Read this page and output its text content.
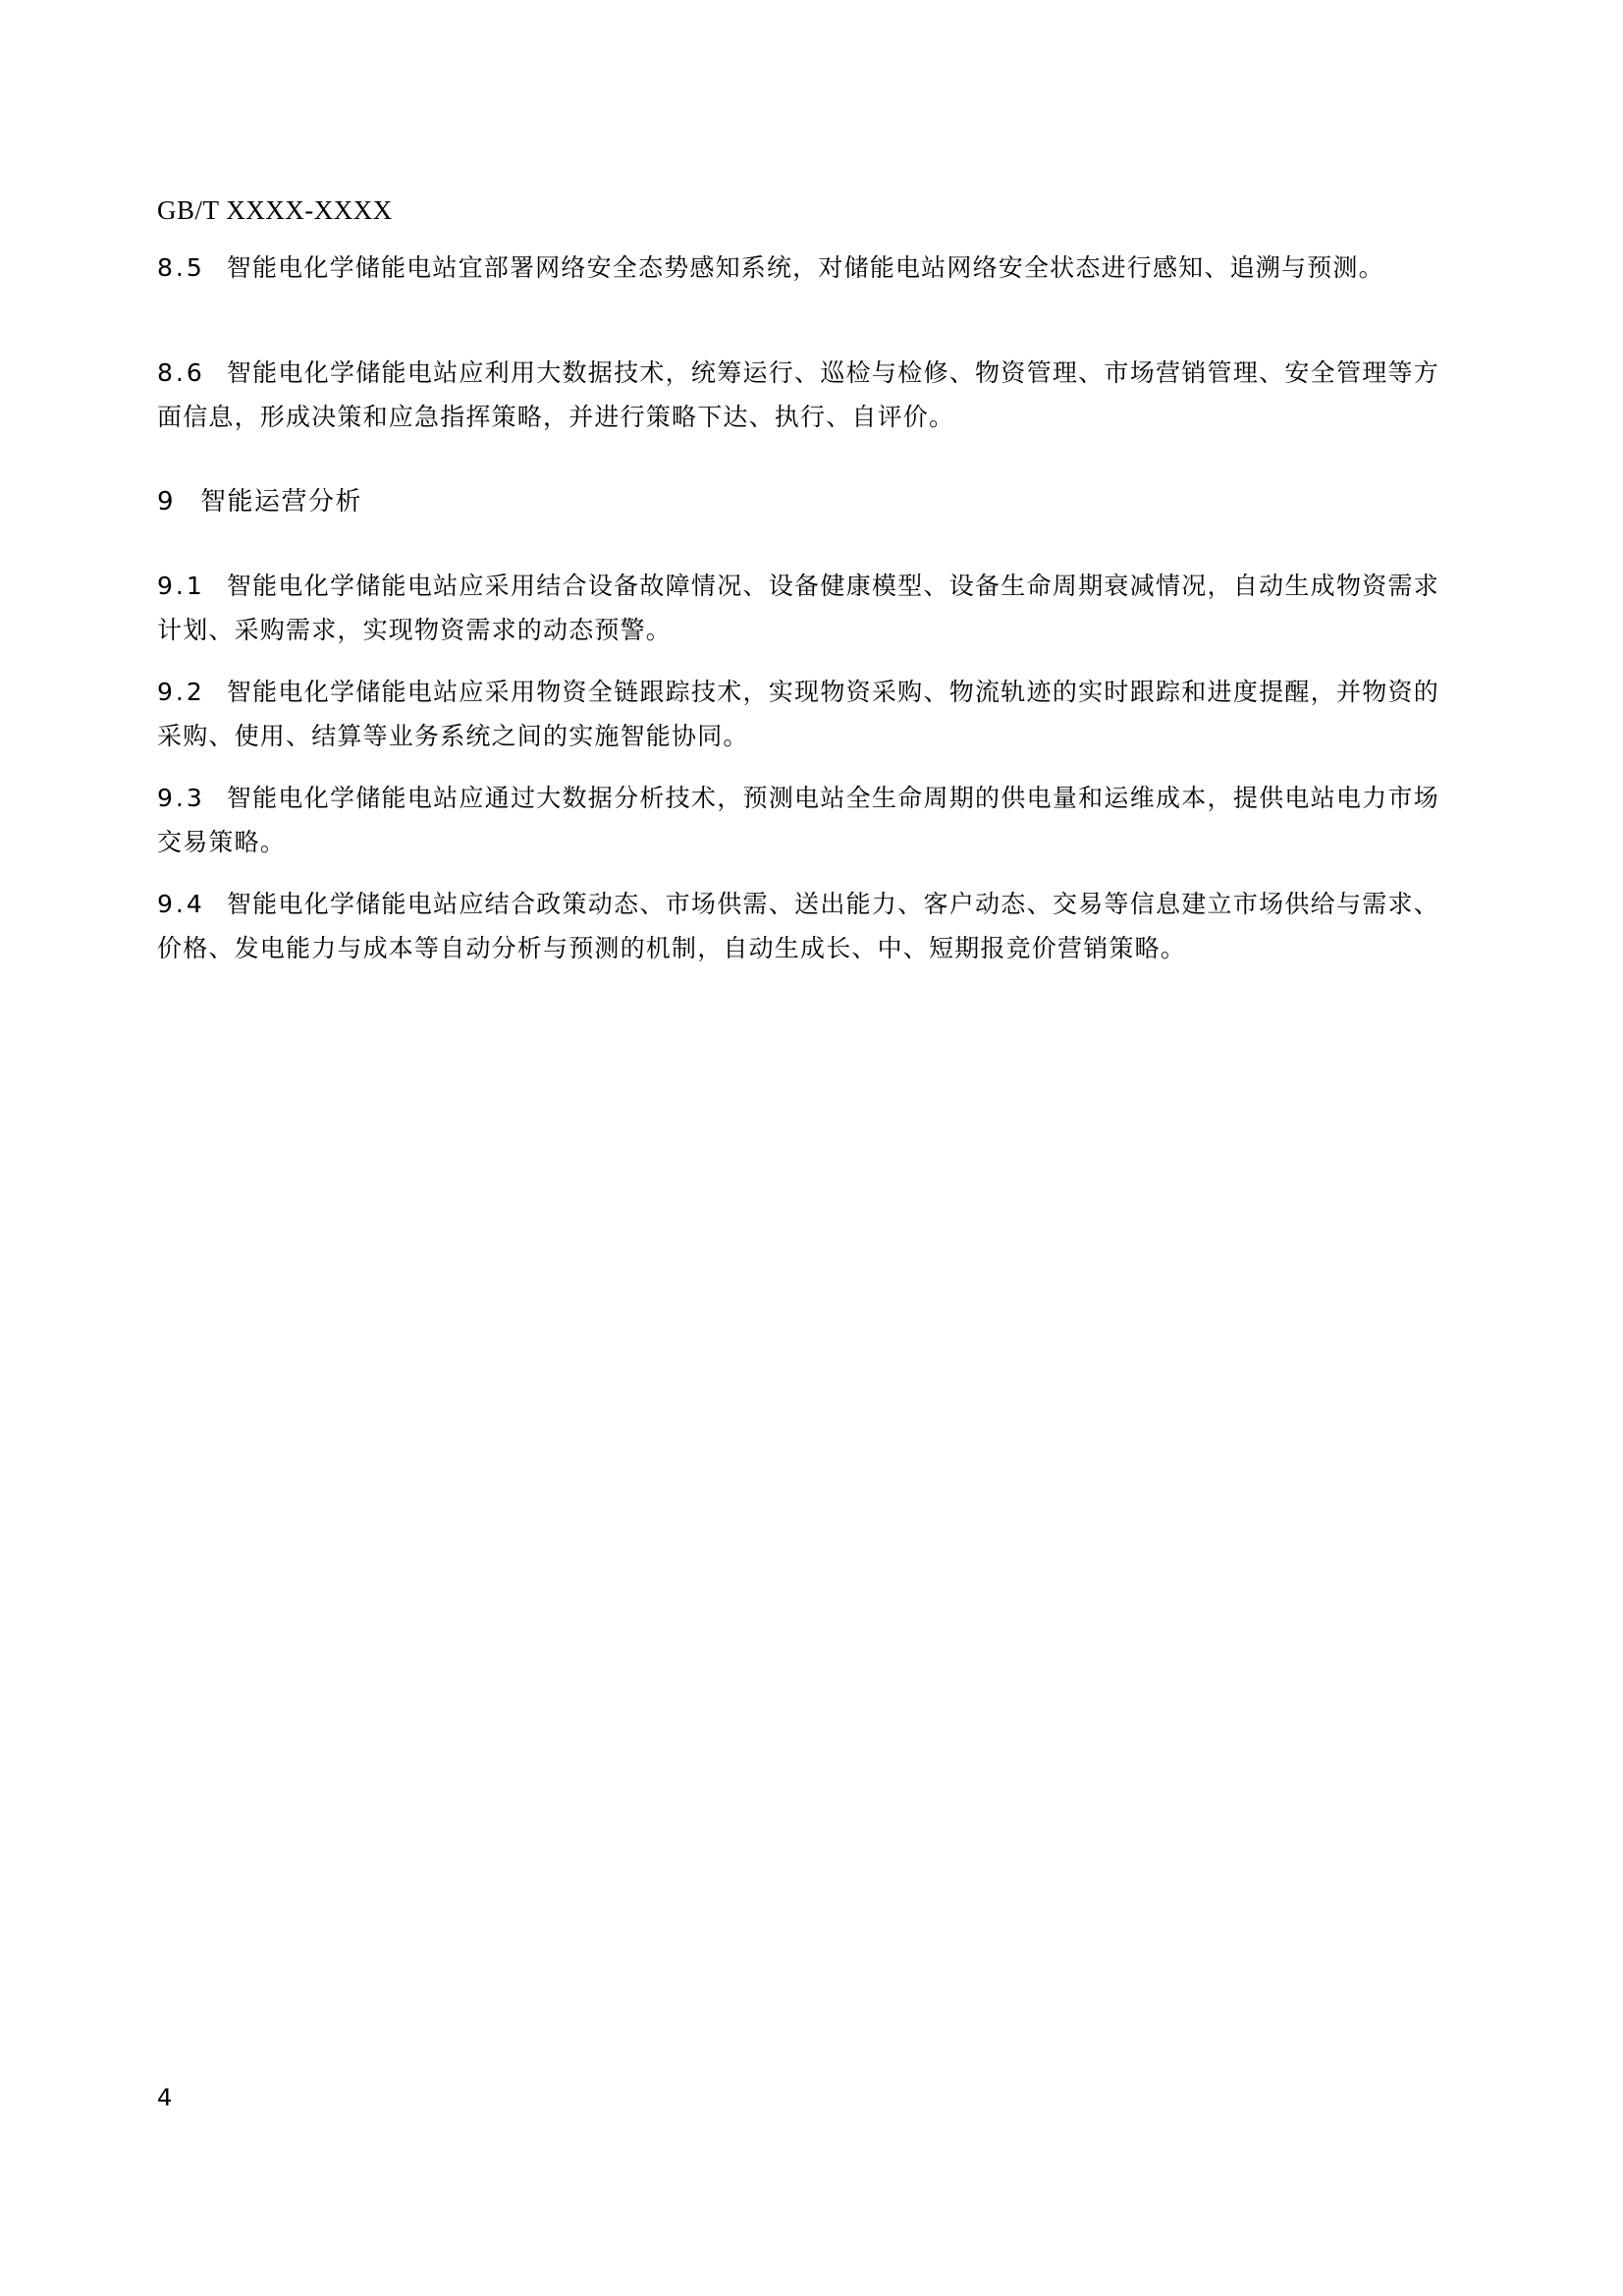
GB/T XXXX-XXXX
8.5 智能电化学储能电站宜部署网络安全态势感知系统，对储能电站网络安全状态进行感知、追溯与预测。
8.6 智能电化学储能电站应利用大数据技术，统筹运行、巡检与检修、物资管理、市场营销管理、安全管理等方面信息，形成决策和应急指挥策略，并进行策略下达、执行、自评价。
9 智能运营分析
9.1 智能电化学储能电站应采用结合设备故障情况、设备健康模型、设备生命周期衰减情况，自动生成物资需求计划、采购需求，实现物资需求的动态预警。
9.2 智能电化学储能电站应采用物资全链跟踪技术，实现物资采购、物流轨迹的实时跟踪和进度提醒，并物资的采购、使用、结算等业务系统之间的实施智能协同。
9.3 智能电化学储能电站应通过大数据分析技术，预测电站全生命周期的供电量和运维成本，提供电站电力市场交易策略。
9.4 智能电化学储能电站应结合政策动态、市场供需、送出能力、客户动态、交易等信息建立市场供给与需求、价格、发电能力与成本等自动分析与预测的机制，自动生成长、中、短期报竞价营销策略。
4
